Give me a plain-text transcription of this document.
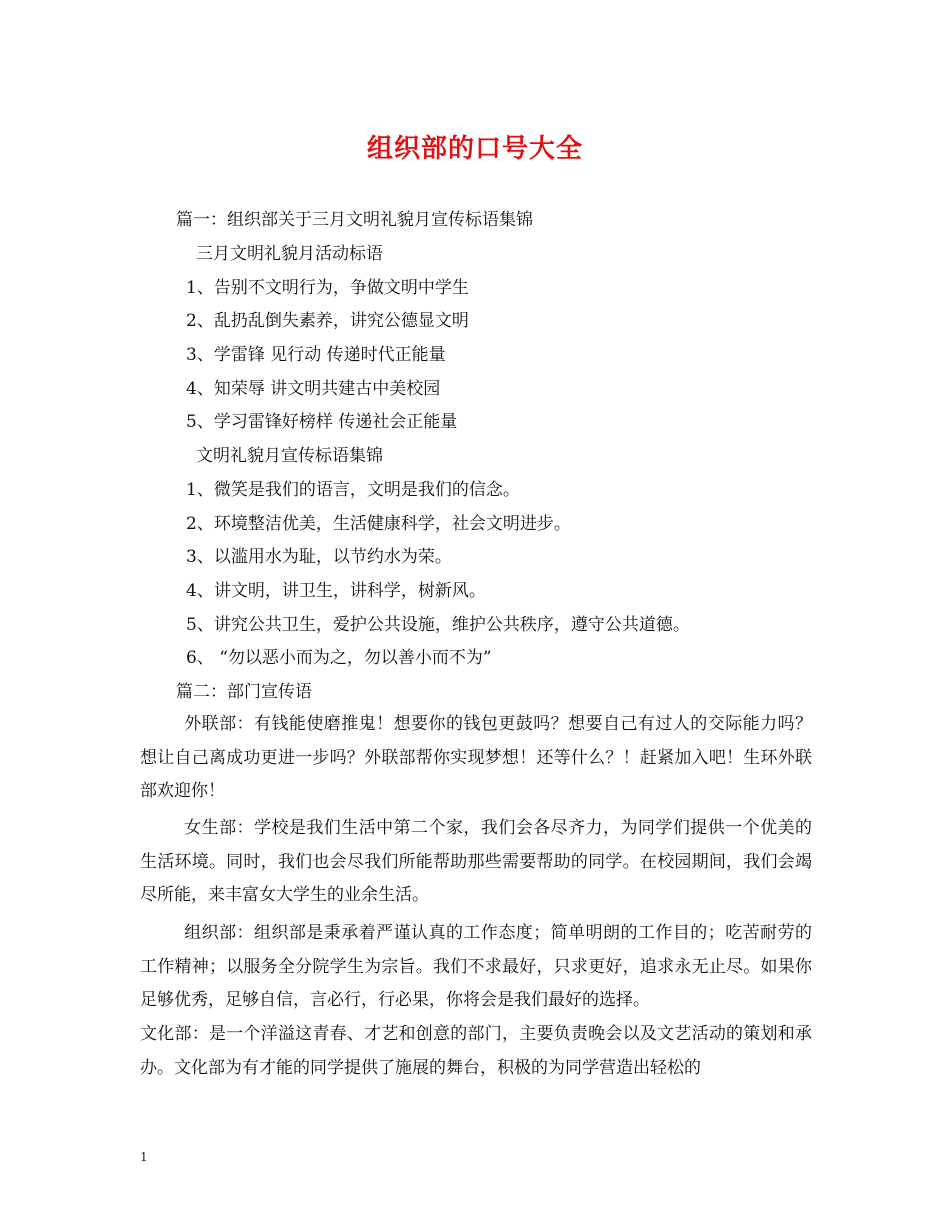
组织部的口号大全
篇一：组织部关于三月文明礼貌月宣传标语集锦
三月文明礼貌月活动标语
1、告别不文明行为，争做文明中学生
2、乱扔乱倒失素养，讲究公德显文明
3、学雷锋 见行动 传递时代正能量
4、知荣辱 讲文明共建古中美校园
5、学习雷锋好榜样 传递社会正能量
文明礼貌月宣传标语集锦
1、微笑是我们的语言，文明是我们的信念。
2、环境整洁优美，生活健康科学，社会文明进步。
3、以滥用水为耻，以节约水为荣。
4、讲文明，讲卫生，讲科学，树新风。
5、讲究公共卫生，爱护公共设施，维护公共秩序，遵守公共道德。
6、 “勿以恶小而为之，勿以善小而不为”
篇二：部门宣传语
外联部：有钱能使磨推鬼！想要你的钱包更鼓吗？想要自己有过人的交际能力吗？想让自己离成功更进一步吗？外联部帮你实现梦想！还等什么？！赶紧加入吧！生环外联部欢迎你！
女生部：学校是我们生活中第二个家，我们会各尽齐力，为同学们提供一个优美的生活环境。同时，我们也会尽我们所能帮助那些需要帮助的同学。在校园期间，我们会竭尽所能，来丰富女大学生的业余生活。
组织部：组织部是秉承着严谨认真的工作态度；简单明朗的工作目的；吃苦耐劳的工作精神；以服务全分院学生为宗旨。我们不求最好，只求更好，追求永无止尽。如果你足够优秀，足够自信，言必行，行必果，你将会是我们最好的选择。
文化部：是一个洋溢这青春、才艺和创意的部门，主要负责晚会以及文艺活动的策划和承办。文化部为有才能的同学提供了施展的舞台，积极的为同学营造出轻松的
1
